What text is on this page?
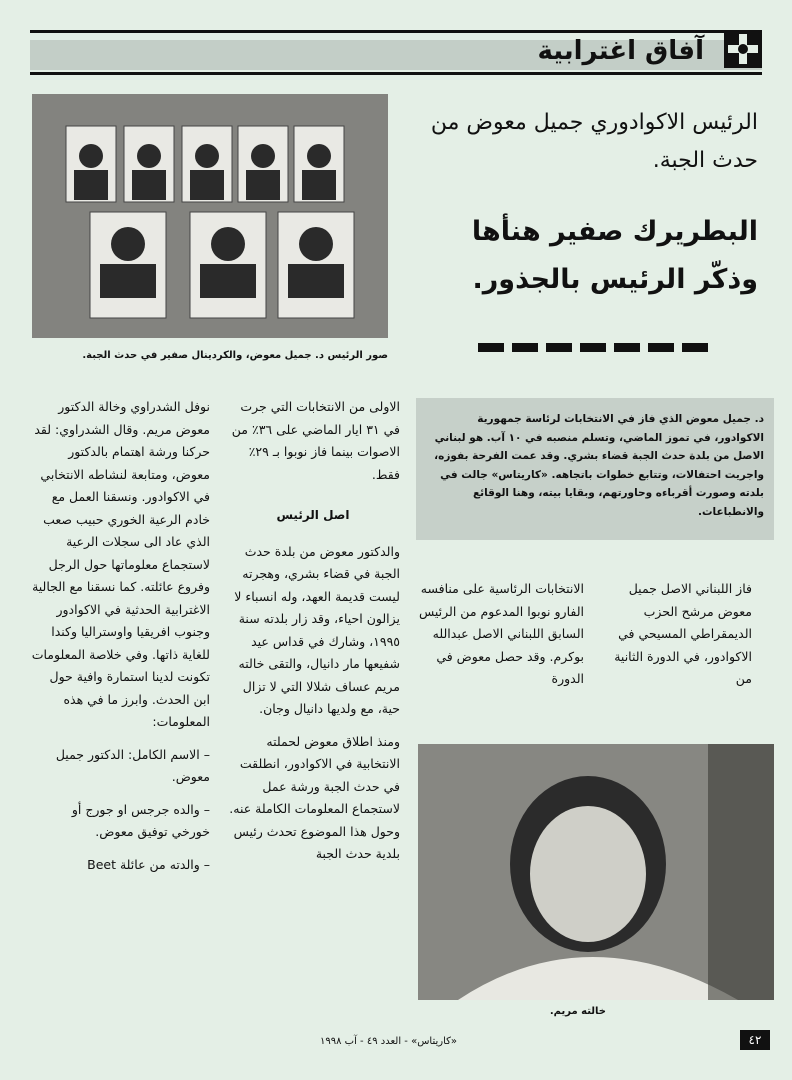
آفاق اغترابية
صور الرئيس د. جميل معوض، والكردينال صفير في حدث الجبة.
الرئيس الاكوادوري جميل معوض من حدث الجبة.
البطريرك صفير هنأها وذكّر الرئيس بالجذور.
د. جميل معوض الذي فاز في الانتخابات لرئاسة جمهورية الاكوادور، في تموز الماضي، وتسلم منصبه في ١٠ آب. هو لبناني الاصل من بلدة حدث الجبة قضاء بشري. وقد عمت الفرحة بفوزه، واجريت احتفالات، وتتابع خطوات باتجاهه. «كاريتاس» جالت في بلدته وصورت أقرباءه وحاورتهم، وبقايا بيته، وهنا الوقائع والانطباعات.
فاز اللبناني الاصل جميل معوض مرشح الحزب الديمقراطي المسيحي في الاكوادور، في الدورة الثانية من
الانتخابات الرئاسية على منافسه الفارو نوبوا المدعوم من الرئيس السابق اللبناني الاصل عبدالله بوكرم. وقد حصل معوض في الدورة
الاولى من الانتخابات التي جرت في ٣١ ايار الماضي على ٣٦٪ من الاصوات بينما فاز نوبوا بـ ٢٩٪ فقط.
اصل الرئيس
والدكتور معوض من بلدة حدث الجبة في قضاء بشري، وهجرته ليست قديمة العهد، وله انسباء لا يزالون احياء، وقد زار بلدته سنة ١٩٩٥، وشارك في قداس عيد شفيعها مار دانيال، والتقى خالته مريم عساف شلالا التي لا تزال حية، مع ولديها دانيال وجان.
ومنذ اطلاق معوض لحملته الانتخابية في الاكوادور، انطلقت في حدث الجبة ورشة عمل لاستجماع المعلومات الكاملة عنه. وحول هذا الموضوع تحدث رئيس بلدية حدث الجبة
نوفل الشدراوي وخالة الدكتور معوض مريم. وقال الشدراوي: لقد حركنا ورشة اهتمام بالدكتور معوض، ومتابعة لنشاطه الانتخابي في الاكوادور. ونسقنا العمل مع خادم الرعية الخوري حبيب صعب الذي عاد الى سجلات الرعية لاستجماع معلوماتها حول الرجل وفروع عائلته. كما نسقنا مع الجالية الاغترابية الحدثية في الاكوادور وجنوب افريقيا واوستراليا وكندا للغاية ذاتها. وفي خلاصة المعلومات تكونت لدينا استمارة وافية حول ابن الحدث. وابرز ما في هذه المعلومات:
– الاسم الكامل: الدكتور جميل معوض.
– والده جرجس او جورج أو خورخي توفيق معوض.
– والدته من عائلة Beet
خالته مريم.
«كاريتاس» - العدد ٤٩ - آب ١٩٩٨	٤٢
